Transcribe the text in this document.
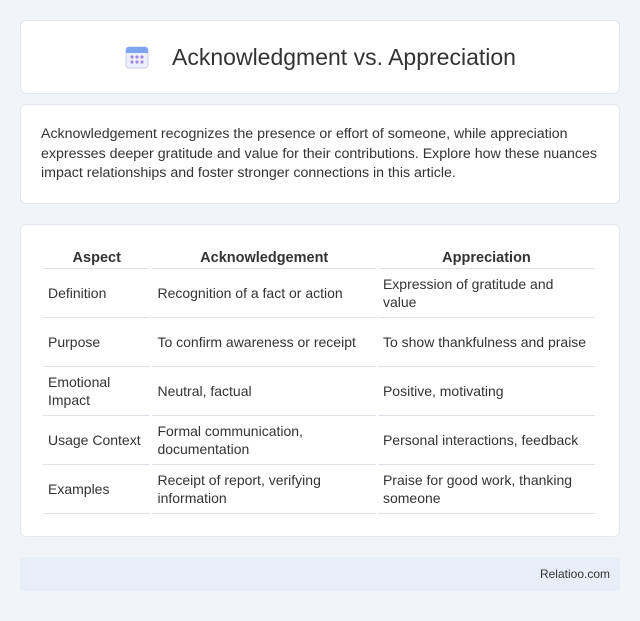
Acknowledgment vs. Appreciation

Acknowledgement recognizes the presence or effort of someone, while appreciation expresses deeper gratitude and value for their contributions. Explore how these nuances impact relationships and foster stronger connections in this article.

Aspect	Acknowledgement	Appreciation
Definition	Recognition of a fact or action	Expression of gratitude and value
Purpose	To confirm awareness or receipt	To show thankfulness and praise
Emotional Impact	Neutral, factual	Positive, motivating
Usage Context	Formal communication, documentation	Personal interactions, feedback
Examples	Receipt of report, verifying information	Praise for good work, thanking someone
Relatioo.com
